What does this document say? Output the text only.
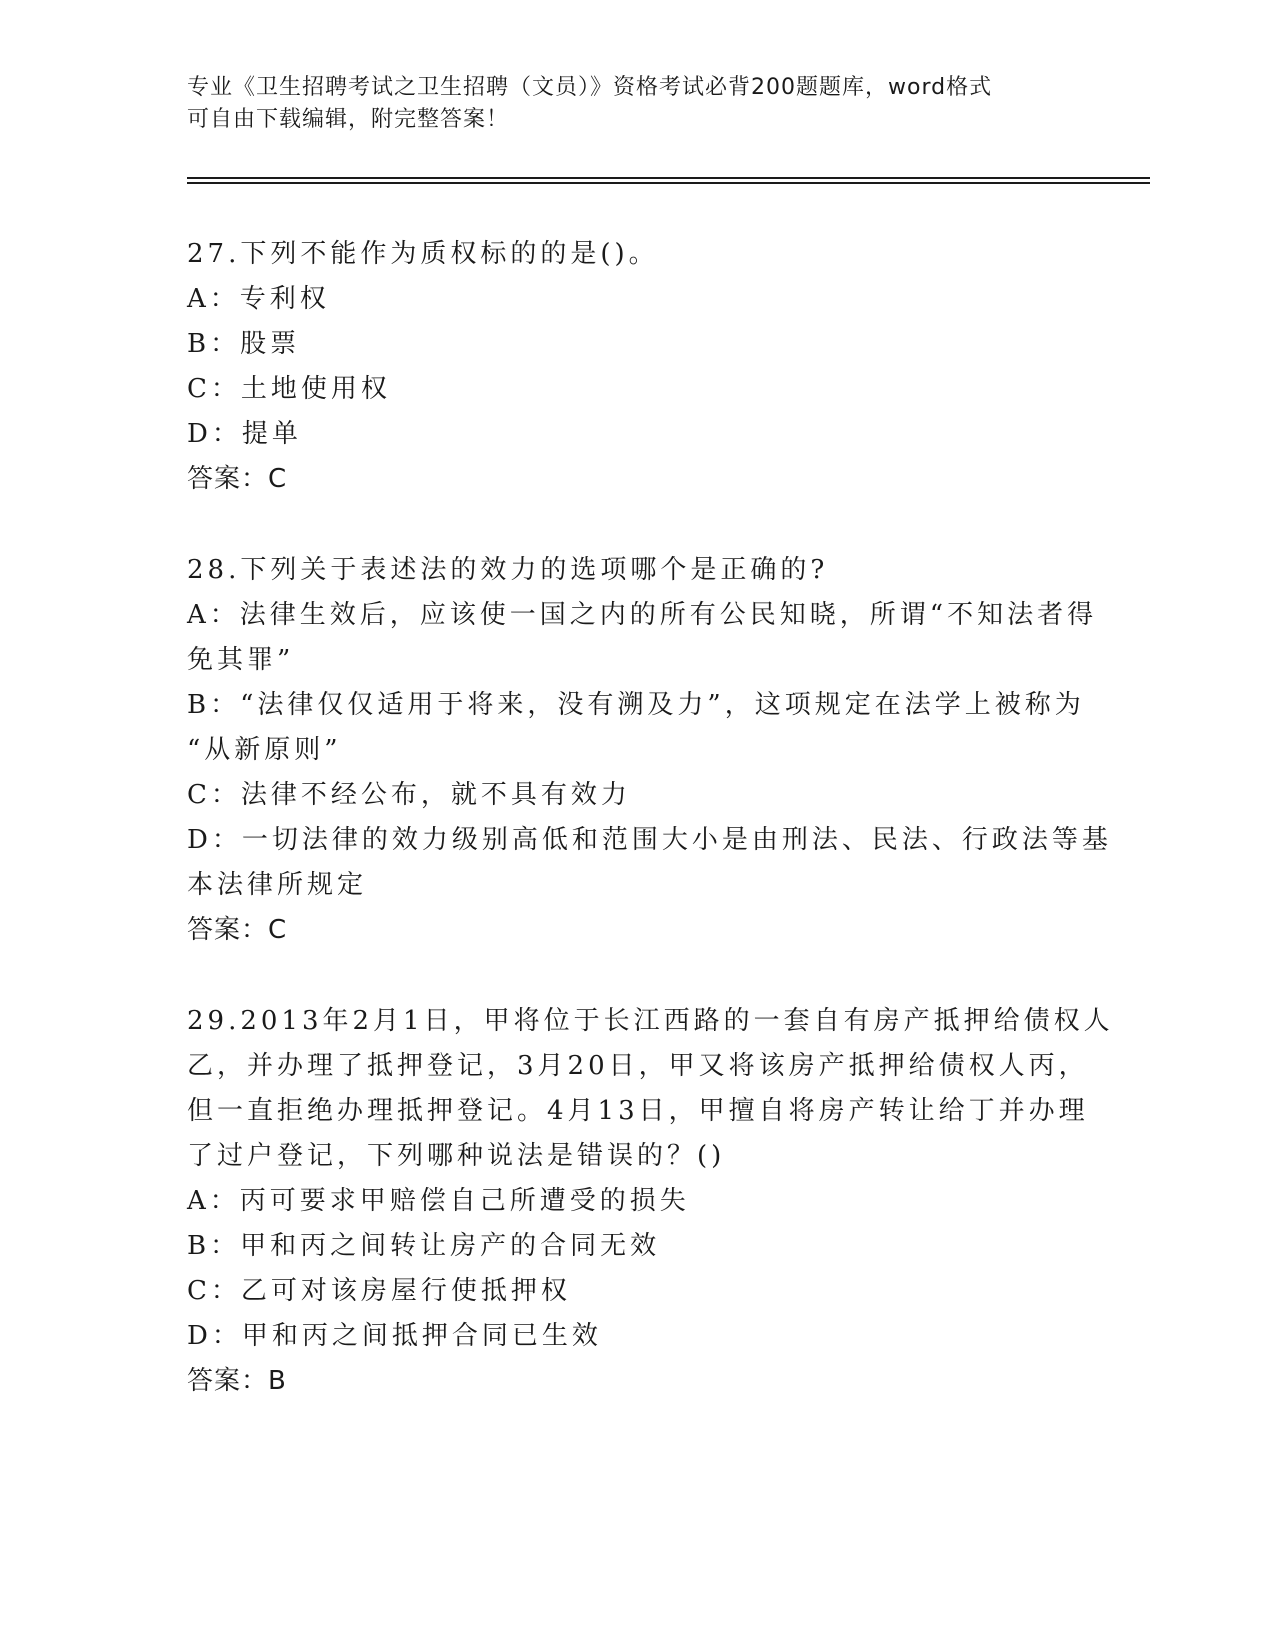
专业《卫生招聘考试之卫生招聘（文员）》资格考试必背200题题库，word格式
可自由下载编辑，附完整答案！
27.下列不能作为质权标的的是()。
A：专利权
B：股票
C：土地使用权
D：提单
答案：C
28.下列关于表述法的效力的选项哪个是正确的?
A：法律生效后，应该使一国之内的所有公民知晓，所谓“不知法者得
免其罪”
B：“法律仅仅适用于将来，没有溯及力”，这项规定在法学上被称为
“从新原则”
C：法律不经公布，就不具有效力
D：一切法律的效力级别高低和范围大小是由刑法、民法、行政法等基
本法律所规定
答案：C
29.2013年2月1日，甲将位于长江西路的一套自有房产抵押给债权人
乙，并办理了抵押登记，3月20日，甲又将该房产抵押给债权人丙，
但一直拒绝办理抵押登记。4月13日，甲擅自将房产转让给丁并办理
了过户登记，下列哪种说法是错误的？()
A：丙可要求甲赔偿自己所遭受的损失
B：甲和丙之间转让房产的合同无效
C：乙可对该房屋行使抵押权
D：甲和丙之间抵押合同已生效
答案：B
